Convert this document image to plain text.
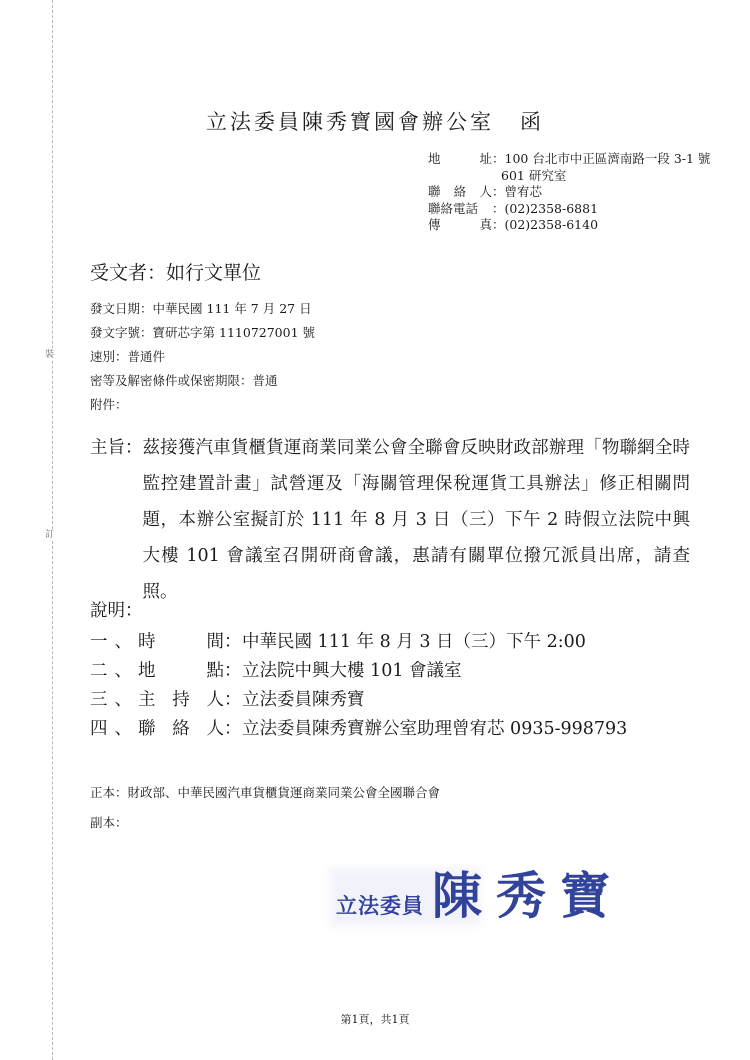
裝
訂
立法委員陳秀寶國會辦公室 函
地	址 ： 100 台北市中正區濟南路一段 3-1 號
601 研究室
聯 絡 人 ： 曾宥芯
聯絡電話	： (02)2358-6881
傳	真 ： (02)2358-6140
受文者：如行文單位
發文日期：中華民國 111 年 7 月 27 日
發文字號：寶研芯字第 1110727001 號
速別：普通件
密等及解密條件或保密期限：普通
附件：
主旨： 茲接獲汽車貨櫃貨運商業同業公會全聯會反映財政部辦理「物聯網全時監控建置計畫」試營運及「海關管理保稅運貨工具辦法」修正相關問題，本辦公室擬訂於 111 年 8 月 3 日（三）下午 2 時假立法院中興大樓 101 會議室召開研商會議，惠請有關單位撥冗派員出席，請查照。
說明：
一 、 時	間 ： 中華民國 111 年 8 月 3 日（三）下午 2:00
二 、 地	點 ： 立法院中興大樓 101 會議室
三 、 主 持 人 ： 立法委員陳秀寶
四 、 聯 絡 人 ： 立法委員陳秀寶辦公室助理曾宥芯 0935-998793
正本：財政部、中華民國汽車貨櫃貨運商業同業公會全國聯合會
副本：
立法委員 陳秀寶
第1頁，共1頁
